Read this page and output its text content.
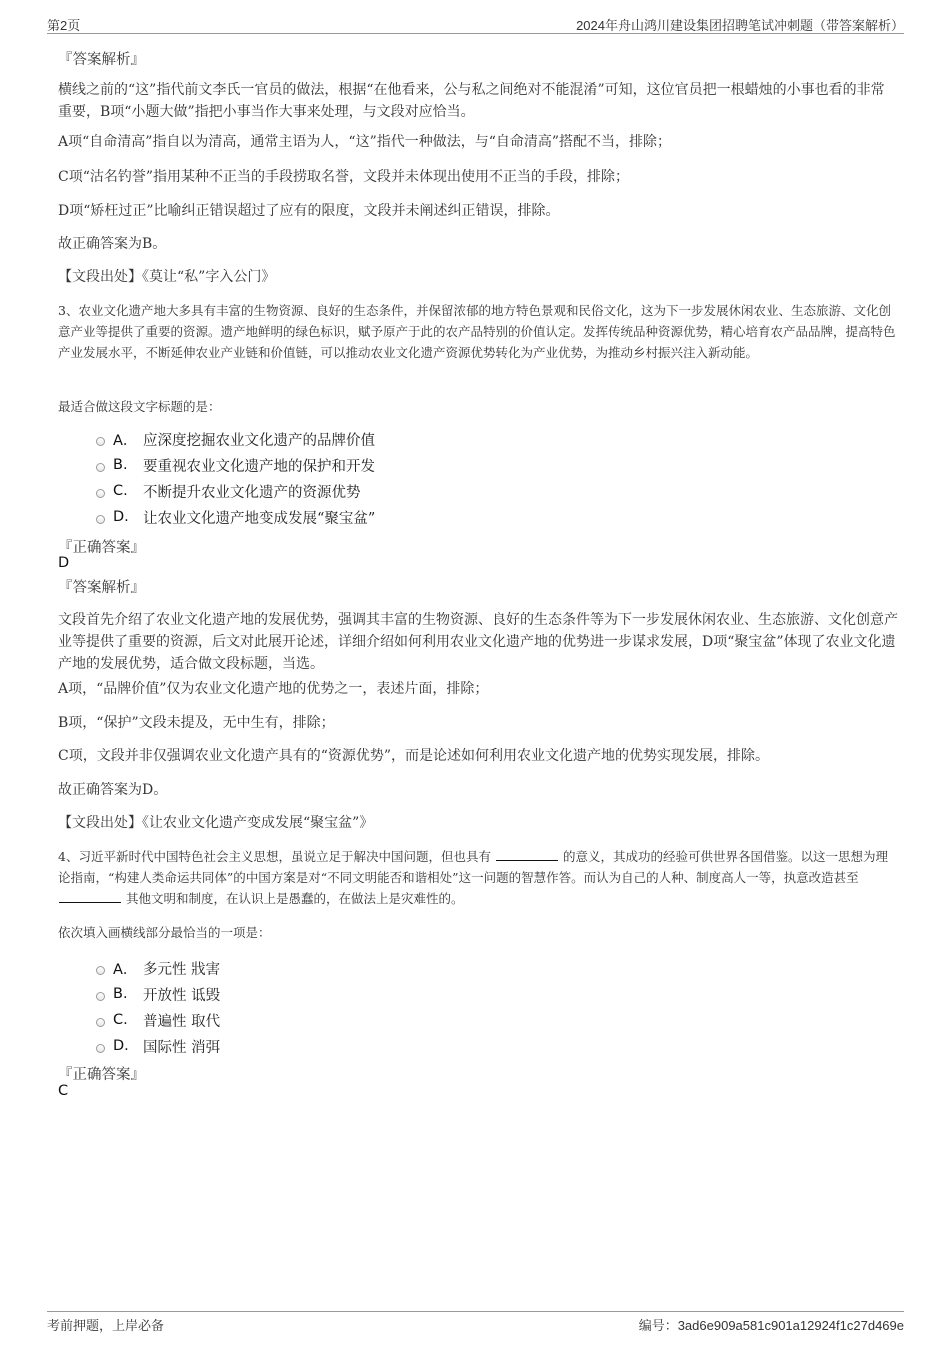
第2页	2024年舟山鸿川建设集团招聘笔试冲刺题（带答案解析）
『答案解析』

横线之前的“这”指代前文李氏一官员的做法，根据“在他看来，公与私之间绝对不能混淆”可知，这位官员把一根蜡烛的小事也看的非常重要，B项“小题大做”指把小事当作大事来处理，与文段对应恰当。

A项“自命清高”指自以为清高，通常主语为人，“这”指代一种做法，与“自命清高”搭配不当，排除；

C项“沽名钓誉”指用某种不正当的手段捞取名誉，文段并未体现出使用不正当的手段，排除；

D项“矫枉过正”比喻纠正错误超过了应有的限度，文段并未阐述纠正错误，排除。

故正确答案为B。

【文段出处】《莫让“私”字入公门》

3、农业文化遗产地大多具有丰富的生物资源、良好的生态条件，并保留浓郁的地方特色景观和民俗文化，这为下一步发展休闲农业、生态旅游、文化创意产业等提供了重要的资源。遗产地鲜明的绿色标识，赋予原产于此的农产品特别的价值认定。发挥传统品种资源优势，精心培育农产品品牌，提高特色产业发展水平，不断延伸农业产业链和价值链，可以推动农业文化遗产资源优势转化为产业优势，为推动乡村振兴注入新动能。
最适合做这段文字标题的是：
A． 应深度挖掘农业文化遗产的品牌价值
B.	要重视农业文化遗产地的保护和开发
C.	不断提升农业文化遗产的资源优势
D. 让农业文化遗产地变成发展“聚宝盆”
『正确答案』
D
『答案解析』

文段首先介绍了农业文化遗产地的发展优势，强调其丰富的生物资源、良好的生态条件等为下一步发展休闲农业、生态旅游、文化创意产业等提供了重要的资源，后文对此展开论述，详细介绍如何利用农业文化遗产地的优势进一步谋求发展，D项“聚宝盆”体现了农业文化遗产地的发展优势，适合做文段标题，当选。

A项，“品牌价值”仅为农业文化遗产地的优势之一，表述片面，排除；

B项，“保护”文段未提及，无中生有，排除；

C项，文段并非仅强调农业文化遗产具有的“资源优势”，而是论述如何利用农业文化遗产地的优势实现发展，排除。

故正确答案为D。

【文段出处】《让农业文化遗产变成发展“聚宝盆”》

4、习近平新时代中国特色社会主义思想，虽说立足于解决中国问题，但也具有	的意义，其成功的经验可供世界各国借鉴。以这一思想为理论指南，“构建人类命运共同体”的中国方案是对“不同文明能否和谐相处”这一问题的智慧作答。而认为自己的人种、制度高人一等，执意改造甚至  其他文明和制度，在认识上是愚蠢的，在做法上是灾难性的。
依次填入画横线部分最恰当的一项是：
A． 多元性 戕害
B.	开放性 诋毁
C.	普遍性 取代
D. 国际性 消弭
『正确答案』
C
考前押题，上岸必备	编号：3ad6e909a581c901a12924f1c27d469e
